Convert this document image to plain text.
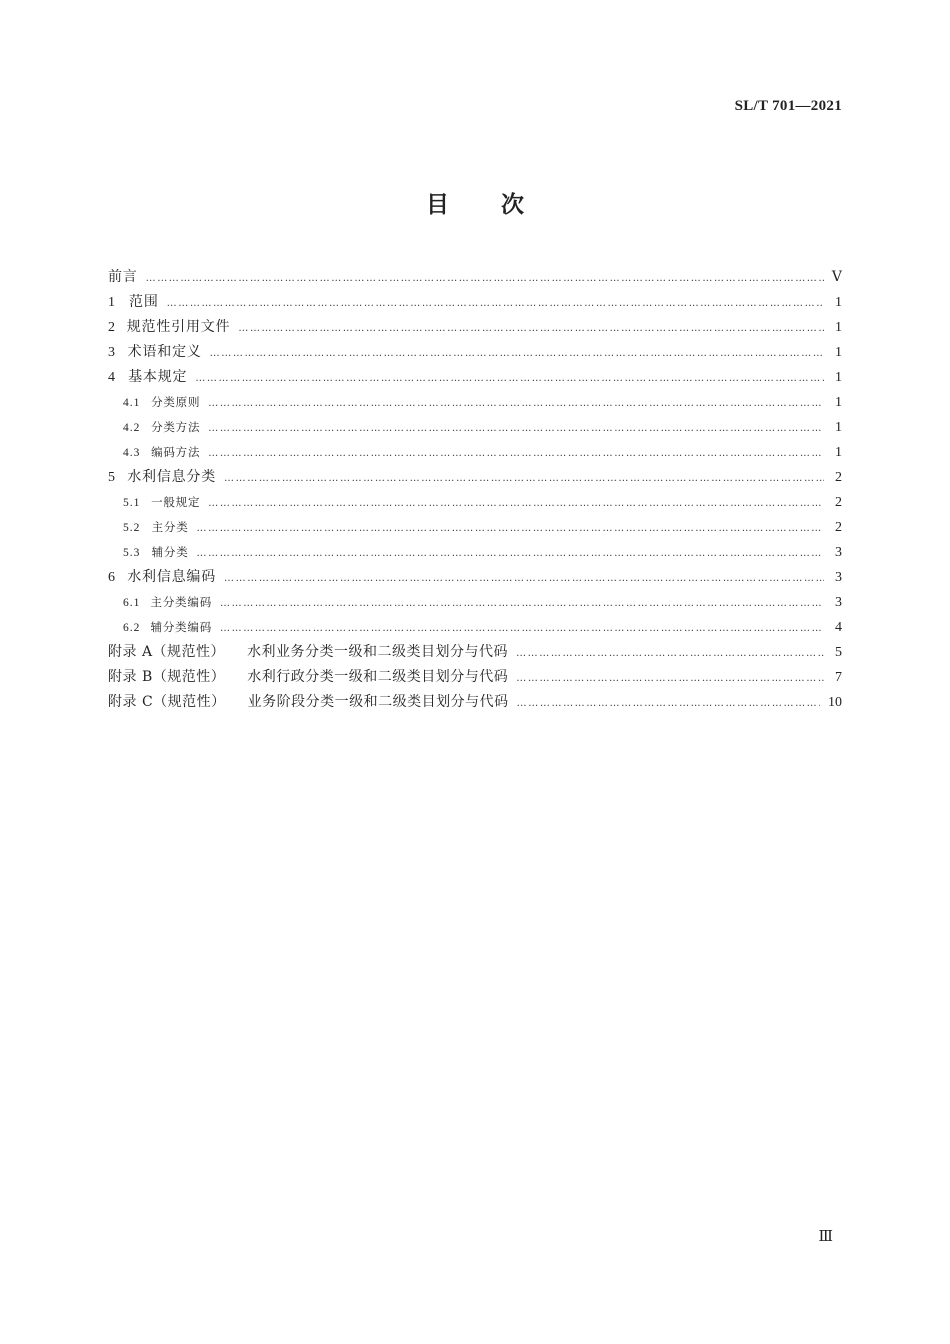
SL/T 701—2021
目 次
前言 …………………………………………………………………………………………………………………………………………………………………………………………	Ⅴ
1	范围 …………………………………………………………………………………………………………………………………………………………………………………………	1
2 规范性引用文件 …………………………………………………………………………………………………………………………………………………………………………………………	1
3 术语和定义 …………………………………………………………………………………………………………………………………………………………………………………………	1
4 基本规定 …………………………………………………………………………………………………………………………………………………………………………………………	1
4.1 分类原则 …………………………………………………………………………………………………………………………………………………………………………………………	1
4.2 分类方法 …………………………………………………………………………………………………………………………………………………………………………………………	1
4.3 编码方法 …………………………………………………………………………………………………………………………………………………………………………………………	1
5 水利信息分类 …………………………………………………………………………………………………………………………………………………………………………………………	2
5.1 一般规定 …………………………………………………………………………………………………………………………………………………………………………………………	2
5.2 主分类 …………………………………………………………………………………………………………………………………………………………………………………………	2
5.3 辅分类 …………………………………………………………………………………………………………………………………………………………………………………………	3
6 水利信息编码 …………………………………………………………………………………………………………………………………………………………………………………………	3
6.1 主分类编码 …………………………………………………………………………………………………………………………………………………………………………………………	3
6.2 辅分类编码 …………………………………………………………………………………………………………………………………………………………………………………………	4
附录 A（规范性） 水利业务分类一级和二级类目划分与代码 …………………………………………………………………………………………………………………………………………………………………………………………	5
附录 B（规范性） 水利行政分类一级和二级类目划分与代码 …………………………………………………………………………………………………………………………………………………………………………………………	7
附录 C（规范性） 业务阶段分类一级和二级类目划分与代码 …………………………………………………………………………………………………………………………………………………………………………………………	10
Ⅲ
